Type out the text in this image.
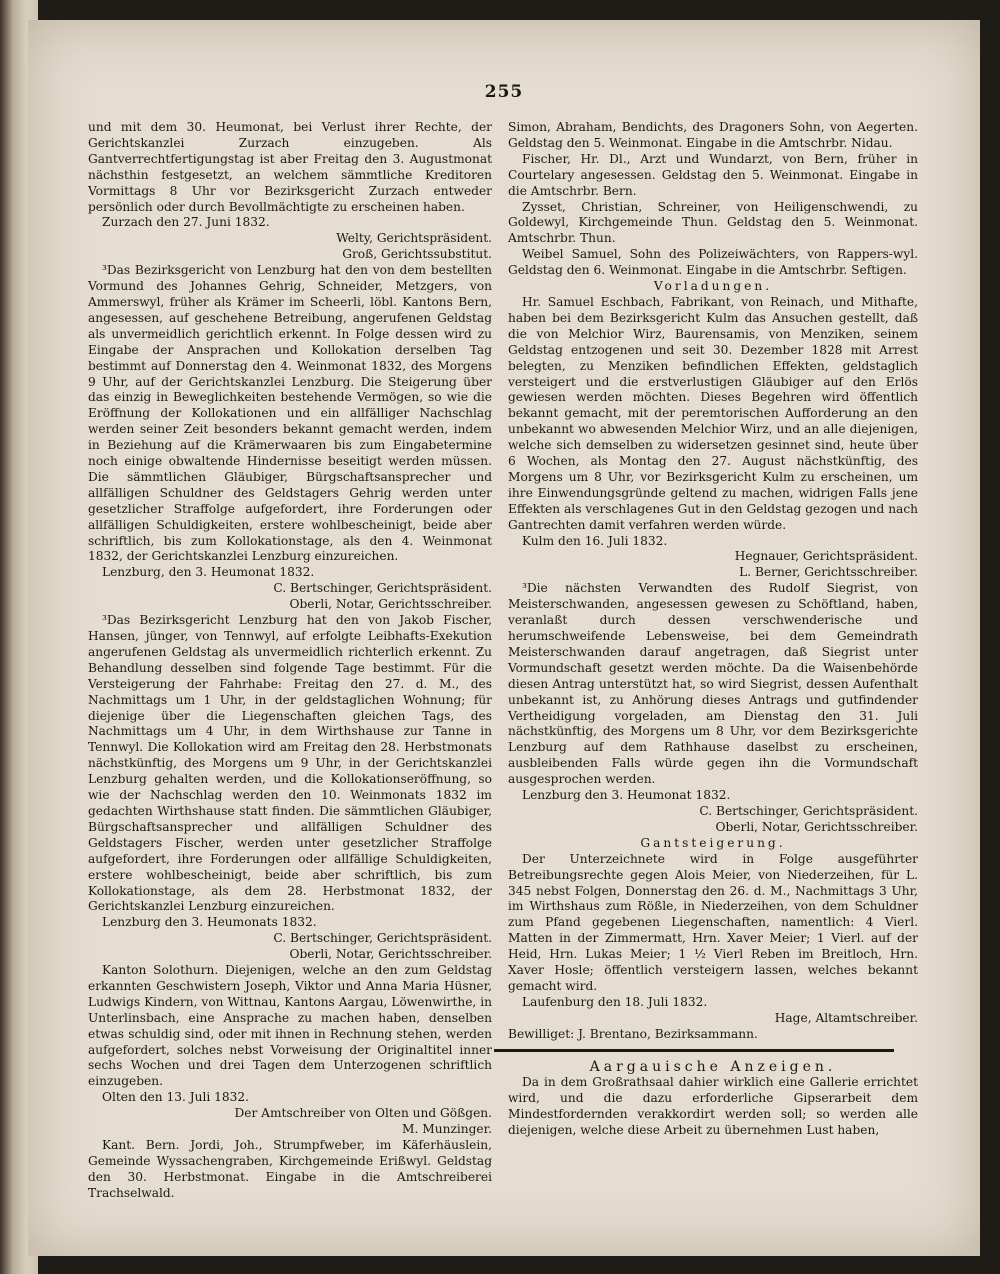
255

und mit dem 30. Heumonat, bei Verlust ihrer Rechte, der Gerichtskanzlei Zurzach einzugeben. Als Gantverrechtfertigungstag ist aber Freitag den 3. Augustmonat nächsthin festgesetzt, an welchem sämmtliche Kreditoren Vormittags 8 Uhr vor Bezirksgericht Zurzach entweder persönlich oder durch Bevollmächtigte zu erscheinen haben.

Zurzach den 27. Juni 1832.

Welty, Gerichtspräsident.

Groß, Gerichtssubstitut.

³Das Bezirksgericht von Lenzburg hat den von dem bestellten Vormund des Johannes Gehrig, Schneider, Metzgers, von Ammerswyl, früher als Krämer im Scheerli, löbl. Kantons Bern, angesessen, auf geschehene Betreibung, angerufenen Geldstag als unvermeidlich gerichtlich erkennt. In Folge dessen wird zu Eingabe der Ansprachen und Kollokation derselben Tag bestimmt auf Donnerstag den 4. Weinmonat 1832, des Morgens 9 Uhr, auf der Gerichtskanzlei Lenzburg. Die Steigerung über das einzig in Beweglichkeiten bestehende Vermögen, so wie die Eröffnung der Kollokationen und ein allfälliger Nachschlag werden seiner Zeit besonders bekannt gemacht werden, indem in Beziehung auf die Krämerwaaren bis zum Eingabetermine noch einige obwaltende Hindernisse beseitigt werden müssen. Die sämmtlichen Gläubiger, Bürgschaftsansprecher und allfälligen Schuldner des Geldstagers Gehrig werden unter gesetzlicher Straffolge aufgefordert, ihre Forderungen oder allfälligen Schuldigkeiten, erstere wohlbescheinigt, beide aber schriftlich, bis zum Kollokationstage, als den 4. Weinmonat 1832, der Gerichtskanzlei Lenzburg einzureichen.

Lenzburg, den 3. Heumonat 1832.

C. Bertschinger, Gerichtspräsident.

Oberli, Notar, Gerichtsschreiber.

³Das Bezirksgericht Lenzburg hat den von Jakob Fischer, Hansen, jünger, von Tennwyl, auf erfolgte Leibhafts-Exekution angerufenen Geldstag als unvermeidlich richterlich erkennt. Zu Behandlung desselben sind folgende Tage bestimmt. Für die Versteigerung der Fahrhabe: Freitag den 27. d. M., des Nachmittags um 1 Uhr, in der geldstaglichen Wohnung; für diejenige über die Liegenschaften gleichen Tags, des Nachmittags um 4 Uhr, in dem Wirthshause zur Tanne in Tennwyl. Die Kollokation wird am Freitag den 28. Herbstmonats nächstkünftig, des Morgens um 9 Uhr, in der Gerichtskanzlei Lenzburg gehalten werden, und die Kollokationseröffnung, so wie der Nachschlag werden den 10. Weinmonats 1832 im gedachten Wirthshause statt finden. Die sämmtlichen Gläubiger, Bürgschaftsansprecher und allfälligen Schuldner des Geldstagers Fischer, werden unter gesetzlicher Straffolge aufgefordert, ihre Forderungen oder allfällige Schuldigkeiten, erstere wohlbescheinigt, beide aber schriftlich, bis zum Kollokationstage, als dem 28. Herbstmonat 1832, der Gerichtskanzlei Lenzburg einzureichen.

Lenzburg den 3. Heumonats 1832.

C. Bertschinger, Gerichtspräsident.

Oberli, Notar, Gerichtsschreiber.

Kanton Solothurn. Diejenigen, welche an den zum Geldstag erkannten Geschwistern Joseph, Viktor und Anna Maria Hüsner, Ludwigs Kindern, von Wittnau, Kantons Aargau, Löwenwirthe, in Unterlinsbach, eine Ansprache zu machen haben, denselben etwas schuldig sind, oder mit ihnen in Rechnung stehen, werden aufgefordert, solches nebst Vorweisung der Originaltitel inner sechs Wochen und drei Tagen dem Unterzogenen schriftlich einzugeben.

Olten den 13. Juli 1832.

Der Amtschreiber von Olten und Gößgen.

M. Munzinger.

Kant. Bern. Jordi, Joh., Strumpfweber, im Käferhäuslein, Gemeinde Wyssachengraben, Kirchgemeinde Erißwyl. Geldstag den 30. Herbstmonat. Eingabe in die Amtschreiberei Trachselwald.

Simon, Abraham, Bendichts, des Dragoners Sohn, von Aegerten. Geldstag den 5. Weinmonat. Eingabe in die Amtschrbr. Nidau.

Fischer, Hr. Dl., Arzt und Wundarzt, von Bern, früher in Courtelary angesessen. Geldstag den 5. Weinmonat. Eingabe in die Amtschrbr. Bern.

Zysset, Christian, Schreiner, von Heiligenschwendi, zu Goldewyl, Kirchgemeinde Thun. Geldstag den 5. Weinmonat. Amtschrbr. Thun.

Weibel Samuel, Sohn des Polizeiwächters, von Rappers-wyl. Geldstag den 6. Weinmonat. Eingabe in die Amtschrbr. Seftigen.

Vorladungen.

Hr. Samuel Eschbach, Fabrikant, von Reinach, und Mithafte, haben bei dem Bezirksgericht Kulm das Ansuchen gestellt, daß die von Melchior Wirz, Baurensamis, von Menziken, seinem Geldstag entzogenen und seit 30. Dezember 1828 mit Arrest belegten, zu Menziken befindlichen Effekten, geldstaglich versteigert und die erstverlustigen Gläubiger auf den Erlös gewiesen werden möchten. Dieses Begehren wird öffentlich bekannt gemacht, mit der peremtorischen Aufforderung an den unbekannt wo abwesenden Melchior Wirz, und an alle diejenigen, welche sich demselben zu widersetzen gesinnet sind, heute über 6 Wochen, als Montag den 27. August nächstkünftig, des Morgens um 8 Uhr, vor Bezirksgericht Kulm zu erscheinen, um ihre Einwendungsgründe geltend zu machen, widrigen Falls jene Effekten als verschlagenes Gut in den Geldstag gezogen und nach Gantrechten damit verfahren werden würde.

Kulm den 16. Juli 1832.

Hegnauer, Gerichtspräsident.

L. Berner, Gerichtsschreiber.

³Die nächsten Verwandten des Rudolf Siegrist, von Meisterschwanden, angesessen gewesen zu Schöftland, haben, veranlaßt durch dessen verschwenderische und herumschweifende Lebensweise, bei dem Gemeindrath Meisterschwanden darauf angetragen, daß Siegrist unter Vormundschaft gesetzt werden möchte. Da die Waisenbehörde diesen Antrag unterstützt hat, so wird Siegrist, dessen Aufenthalt unbekannt ist, zu Anhörung dieses Antrags und gutfindender Vertheidigung vorgeladen, am Dienstag den 31. Juli nächstkünftig, des Morgens um 8 Uhr, vor dem Bezirksgerichte Lenzburg auf dem Rathhause daselbst zu erscheinen, ausbleibenden Falls würde gegen ihn die Vormundschaft ausgesprochen werden.

Lenzburg den 3. Heumonat 1832.

C. Bertschinger, Gerichtspräsident.

Oberli, Notar, Gerichtsschreiber.

Gantsteigerung.

Der Unterzeichnete wird in Folge ausgeführter Betreibungsrechte gegen Alois Meier, von Niederzeihen, für L. 345 nebst Folgen, Donnerstag den 26. d. M., Nachmittags 3 Uhr, im Wirthshaus zum Rößle, in Niederzeihen, von dem Schuldner zum Pfand gegebenen Liegenschaften, namentlich: 4 Vierl. Matten in der Zimmermatt, Hrn. Xaver Meier; 1 Vierl. auf der Heid, Hrn. Lukas Meier; 1 ½ Vierl Reben im Breitloch, Hrn. Xaver Hosle; öffentlich versteigern lassen, welches bekannt gemacht wird.

Laufenburg den 18. Juli 1832.

Hage, Altamtschreiber.

Bewilliget: J. Brentano, Bezirksammann.

Aargauische Anzeigen.

Da in dem Großrathsaal dahier wirklich eine Gallerie errichtet wird, und die dazu erforderliche Gipserarbeit dem Mindestfordernden verakkordirt werden soll; so werden alle diejenigen, welche diese Arbeit zu übernehmen Lust haben,
